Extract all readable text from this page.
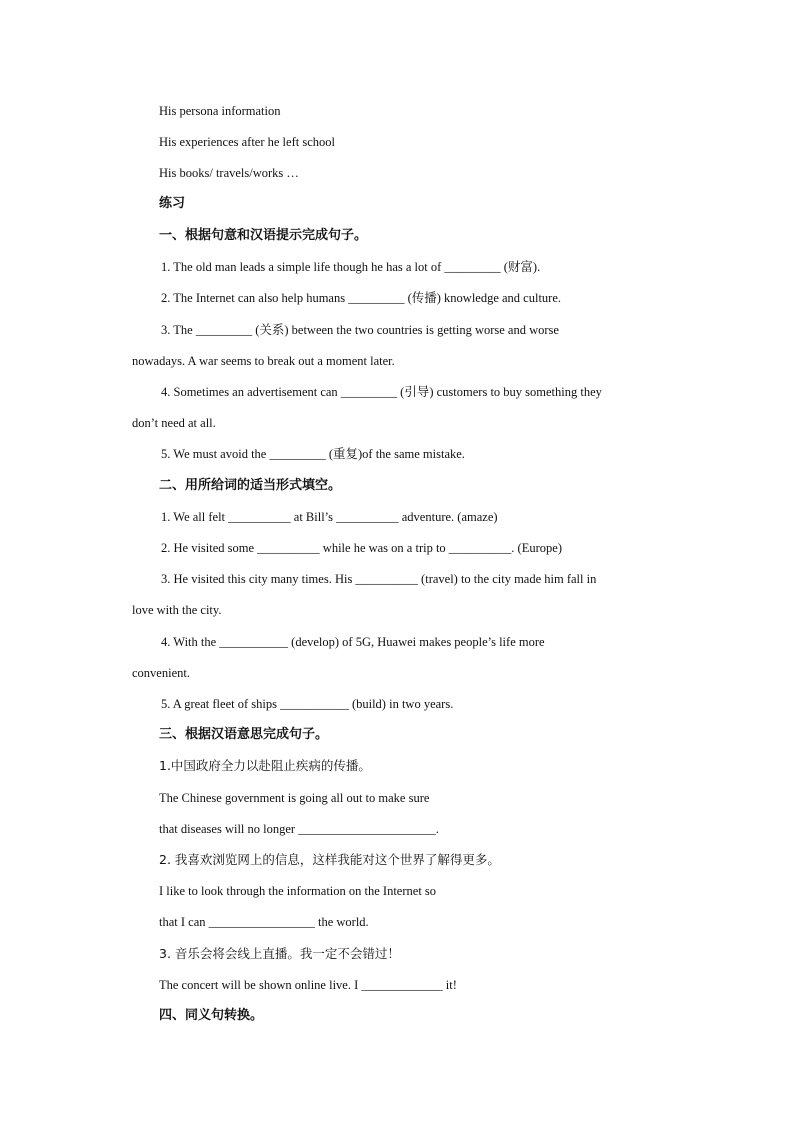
His persona information
His experiences after he left school
His books/ travels/works …
练习
一、根据句意和汉语提示完成句子。
1. The old man leads a simple life though he has a lot of _________ (财富).
2. The Internet can also help humans _________ (传播) knowledge and culture.
3. The _________ (关系) between the two countries is getting worse and worse
nowadays. A war seems to break out a moment later.
4. Sometimes an advertisement can _________ (引导) customers to buy something they
don’t need at all.
5. We must avoid the _________ (重复)of the same mistake.
二、用所给词的适当形式填空。
1. We all felt __________ at Bill’s __________ adventure. (amaze)
2. He visited some __________ while he was on a trip to __________. (Europe)
3. He visited this city many times. His __________ (travel) to the city made him fall in
love with the city.
4. With the ___________ (develop) of 5G, Huawei makes people’s life more
convenient.
5. A great fleet of ships ___________ (build) in two years.
三、根据汉语意思完成句子。
1.中国政府全力以赴阻止疾病的传播。
The Chinese government is going all out to make sure
that diseases will no longer ______________________.
2. 我喜欢浏览网上的信息，这样我能对这个世界了解得更多。
I like to look through the information on the Internet so
that I can _________________ the world.
3. 音乐会将会线上直播。我一定不会错过！
The concert will be shown online live. I _____________ it!
四、同义句转换。
